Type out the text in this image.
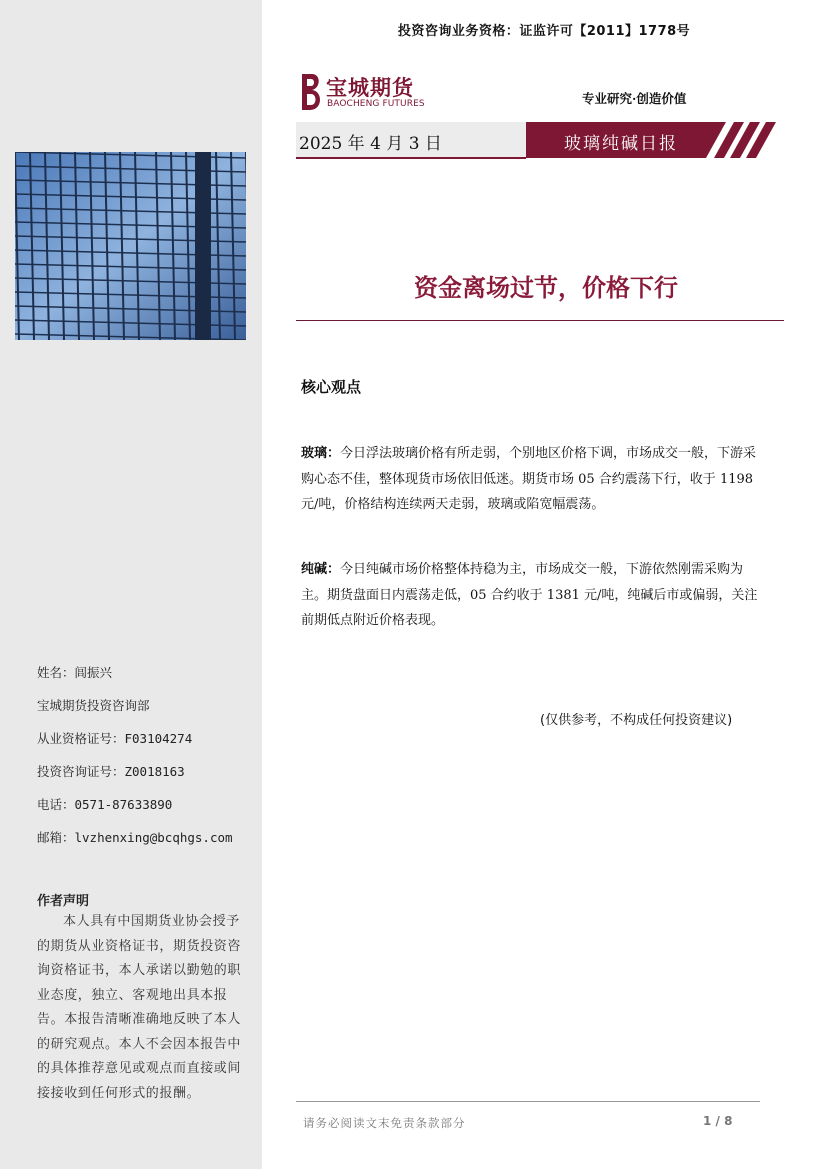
姓名：闾振兴
宝城期货投资咨询部
从业资格证号：F03104274
投资咨询证号：Z0018163
电话：0571-87633890
邮箱：lvzhenxing@bcqhgs.com
作者声明
本人具有中国期货业协会授予的期货从业资格证书，期货投资咨询资格证书，本人承诺以勤勉的职业态度，独立、客观地出具本报告。本报告清晰准确地反映了本人的研究观点。本人不会因本报告中的具体推荐意见或观点而直接或间接接收到任何形式的报酬。
投资咨询业务资格：证监许可【2011】1778号
宝城期货
BAOCHENG FUTURES	专业研究·创造价值
2025 年 4 月 3 日	玻璃纯碱日报
资金离场过节，价格下行
核心观点
玻璃：今日浮法玻璃价格有所走弱，个别地区价格下调，市场成交一般，下游采购心态不佳，整体现货市场依旧低迷。期货市场 05 合约震荡下行，收于 1198 元/吨，价格结构连续两天走弱，玻璃或陷宽幅震荡。
纯碱：今日纯碱市场价格整体持稳为主，市场成交一般，下游依然刚需采购为主。期货盘面日内震荡走低，05 合约收于 1381 元/吨，纯碱后市或偏弱，关注前期低点附近价格表现。
(仅供参考，不构成任何投资建议)
请务必阅读文末免责条款部分	1 / 8
